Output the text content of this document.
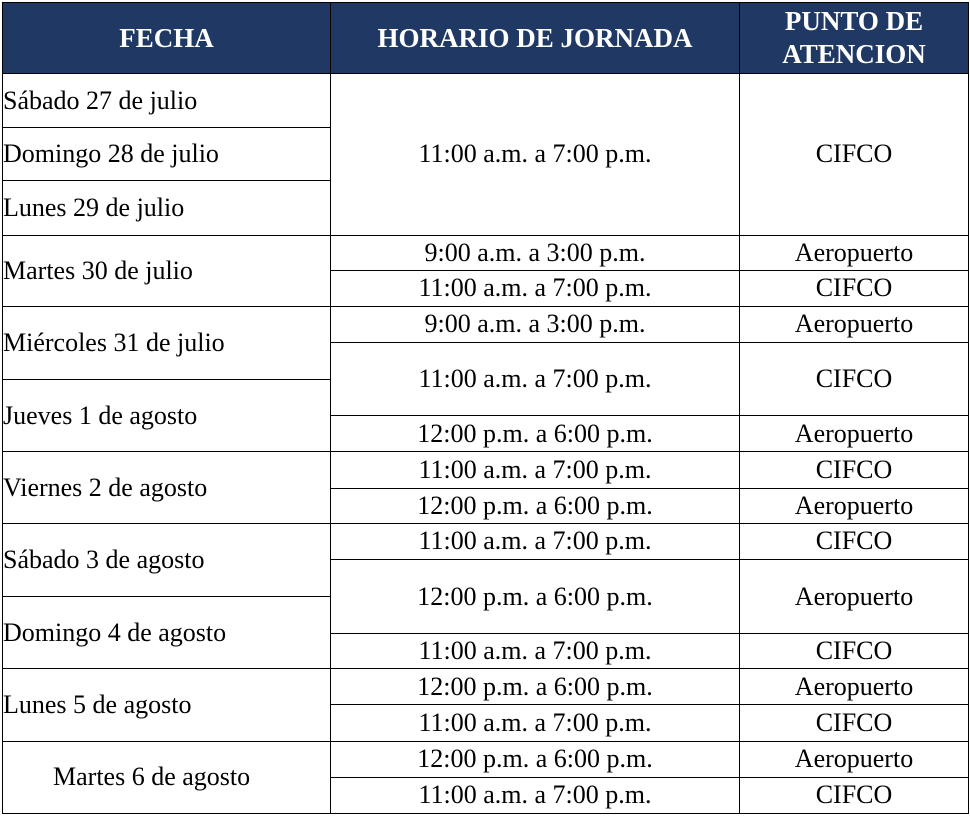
FECHA	HORARIO DE JORNADA	PUNTO DE
ATENCION
Sábado 27 de julio	11:00 a.m. a 7:00 p.m.	CIFCO
Domingo 28 de julio		
Lunes 29 de julio		
Martes 30 de julio	9:00 a.m. a 3:00 p.m.	Aeropuerto
	11:00 a.m. a 7:00 p.m.	CIFCO
Miércoles 31 de julio	9:00 a.m. a 3:00 p.m.	Aeropuerto
	11:00 a.m. a 7:00 p.m.	CIFCO
Jueves 1 de agosto		
	12:00 p.m. a 6:00 p.m.	Aeropuerto
Viernes 2 de agosto	11:00 a.m. a 7:00 p.m.	CIFCO
	12:00 p.m. a 6:00 p.m.	Aeropuerto
Sábado 3 de agosto	11:00 a.m. a 7:00 p.m.	CIFCO
	12:00 p.m. a 6:00 p.m.	Aeropuerto
Domingo 4 de agosto		
	11:00 a.m. a 7:00 p.m.	CIFCO
Lunes 5 de agosto	12:00 p.m. a 6:00 p.m.	Aeropuerto
	11:00 a.m. a 7:00 p.m.	CIFCO
Martes 6 de agosto	12:00 p.m. a 6:00 p.m.	Aeropuerto
	11:00 a.m. a 7:00 p.m.	CIFCO
